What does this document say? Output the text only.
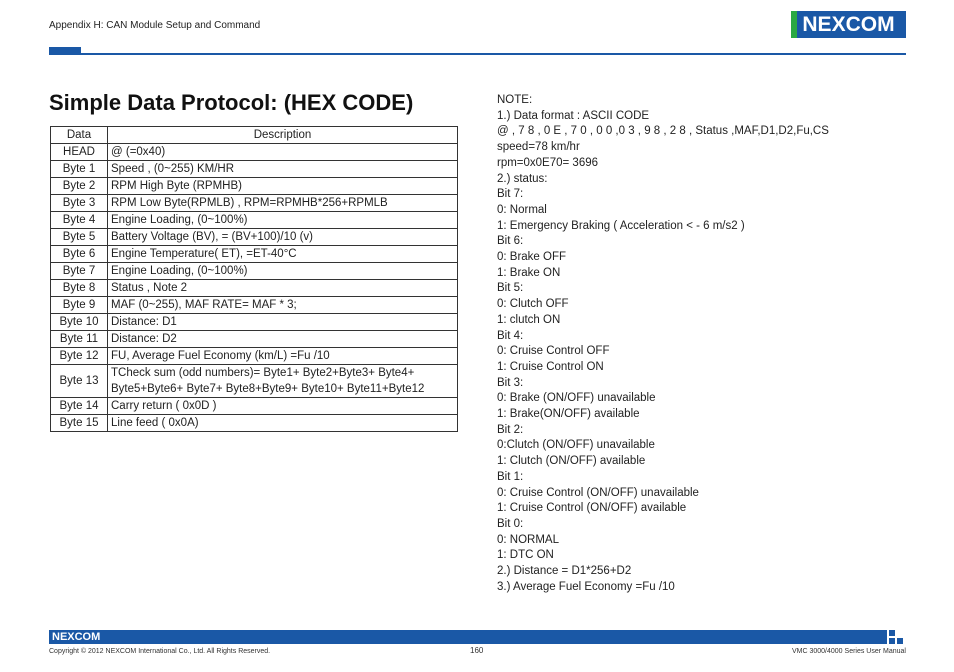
Appendix H: CAN Module Setup and Command	NEXCOM
Simple Data Protocol: (HEX CODE)
Data	Description
HEAD	@ (=0x40)
Byte 1	Speed , (0~255) KM/HR
Byte 2	RPM High Byte (RPMHB)
Byte 3	RPM Low Byte(RPMLB) , RPM=RPMHB*256+RPMLB
Byte 4	Engine Loading, (0~100%)
Byte 5	Battery Voltage (BV), = (BV+100)/10 (v)
Byte 6	Engine Temperature( ET), =ET-40°C
Byte 7	Engine Loading, (0~100%)
Byte 8	Status , Note 2
Byte 9	MAF (0~255), MAF RATE= MAF * 3;
Byte 10	Distance: D1
Byte 11	Distance: D2
Byte 12	FU, Average Fuel Economy (km/L) =Fu /10
Byte 13	TCheck sum (odd numbers)= Byte1+ Byte2+Byte3+ Byte4+
Byte5+Byte6+ Byte7+ Byte8+Byte9+ Byte10+ Byte11+Byte12

Byte 14	Carry return ( 0x0D )
Byte 15	Line feed ( 0x0A)
NOTE:
1.) Data format : ASCII CODE
@ , 7 8 , 0 E , 7 0 , 0 0 ,0 3 , 9 8 , 2 8 , Status ,MAF,D1,D2,Fu,CS
speed=78 km/hr
rpm=0x0E70= 3696
2.) status:
Bit 7:
0: Normal
1: Emergency Braking ( Acceleration < - 6 m/s2 )
Bit 6:
0: Brake OFF
1: Brake ON
Bit 5:
0: Clutch OFF
1: clutch ON
Bit 4:
0: Cruise Control OFF
1: Cruise Control ON
Bit 3:
0: Brake (ON/OFF) unavailable
1: Brake(ON/OFF) available
Bit 2:
0:Clutch (ON/OFF) unavailable
1: Clutch (ON/OFF) available
Bit 1:
0: Cruise Control (ON/OFF) unavailable
1: Cruise Control (ON/OFF) available
Bit 0:
0: NORMAL
1: DTC ON
2.) Distance = D1*256+D2
3.) Average Fuel Economy =Fu /10
NEXCOM
Copyright © 2012 NEXCOM International Co., Ltd. All Rights Reserved.	160	VMC 3000/4000 Series User Manual
